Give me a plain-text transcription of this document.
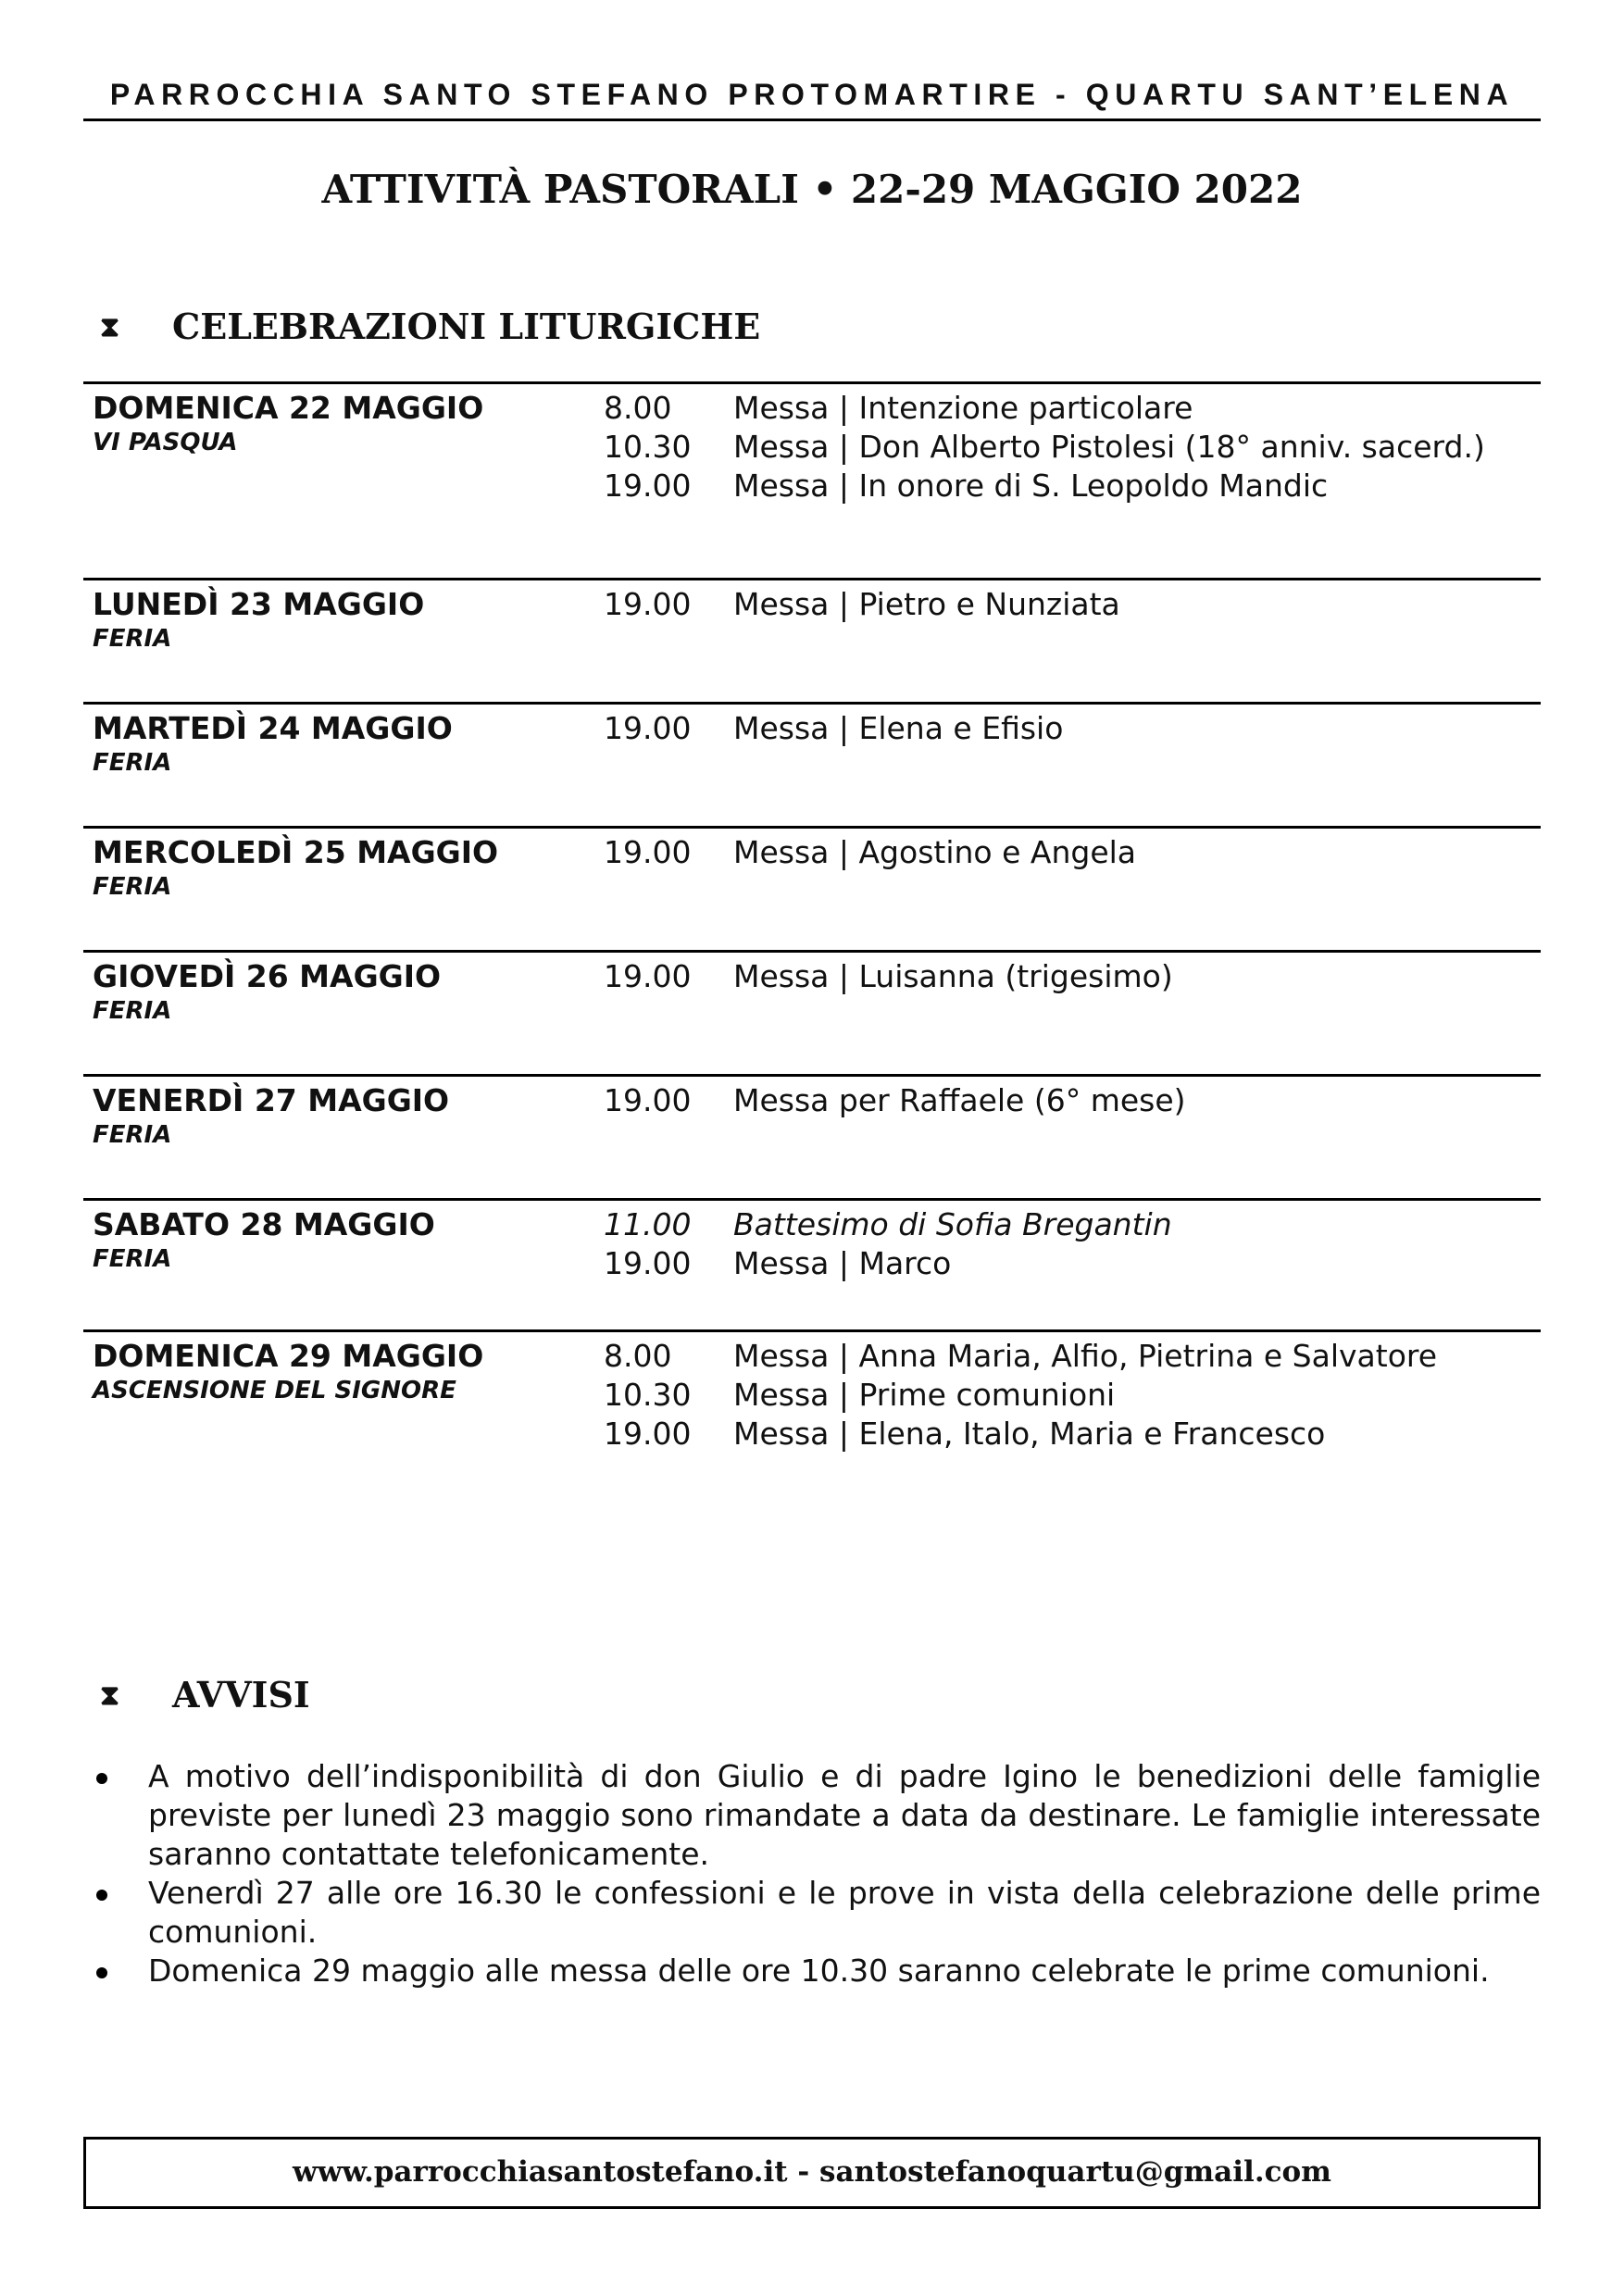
PARROCCHIA SANTO STEFANO PROTOMARTIRE - QUARTU SANT’ELENA
ATTIVITÀ PASTORALI • 22-29 MAGGIO 2022
⧗ CELEBRAZIONI LITURGICHE
DOMENICA 22 MAGGIO
VI PASQUA
8.00 Messa | Intenzione particolare
10.30 Messa | Don Alberto Pistolesi (18° anniv. sacerd.)
19.00 Messa | In onore di S. Leopoldo Mandic
LUNEDÌ 23 MAGGIO
FERIA
19.00 Messa | Pietro e Nunziata
MARTEDÌ 24 MAGGIO
FERIA
19.00 Messa | Elena e Efisio
MERCOLEDÌ 25 MAGGIO
FERIA
19.00 Messa | Agostino e Angela
GIOVEDÌ 26 MAGGIO
FERIA
19.00 Messa | Luisanna (trigesimo)
VENERDÌ 27 MAGGIO
FERIA
19.00 Messa per Raffaele (6° mese)
SABATO 28 MAGGIO
FERIA
11.00 Battesimo di Sofia Bregantin
19.00 Messa | Marco
DOMENICA 29 MAGGIO
ASCENSIONE DEL SIGNORE
8.00 Messa | Anna Maria, Alfio, Pietrina e Salvatore
10.30 Messa | Prime comunioni
19.00 Messa | Elena, Italo, Maria e Francesco
⧗ AVVISI
A motivo dell’indisponibilità di don Giulio e di padre Igino le benedizioni delle famiglie previste per lunedì 23 maggio sono rimandate a data da destinare. Le famiglie interessate saranno contattate telefonicamente.
Venerdì 27 alle ore 16.30 le confessioni e le prove in vista della celebrazione delle prime comunioni.
Domenica 29 maggio alle messa delle ore 10.30 saranno celebrate le prime comunioni.
www.parrocchiasantostefano.it - santostefanoquartu@gmail.com
